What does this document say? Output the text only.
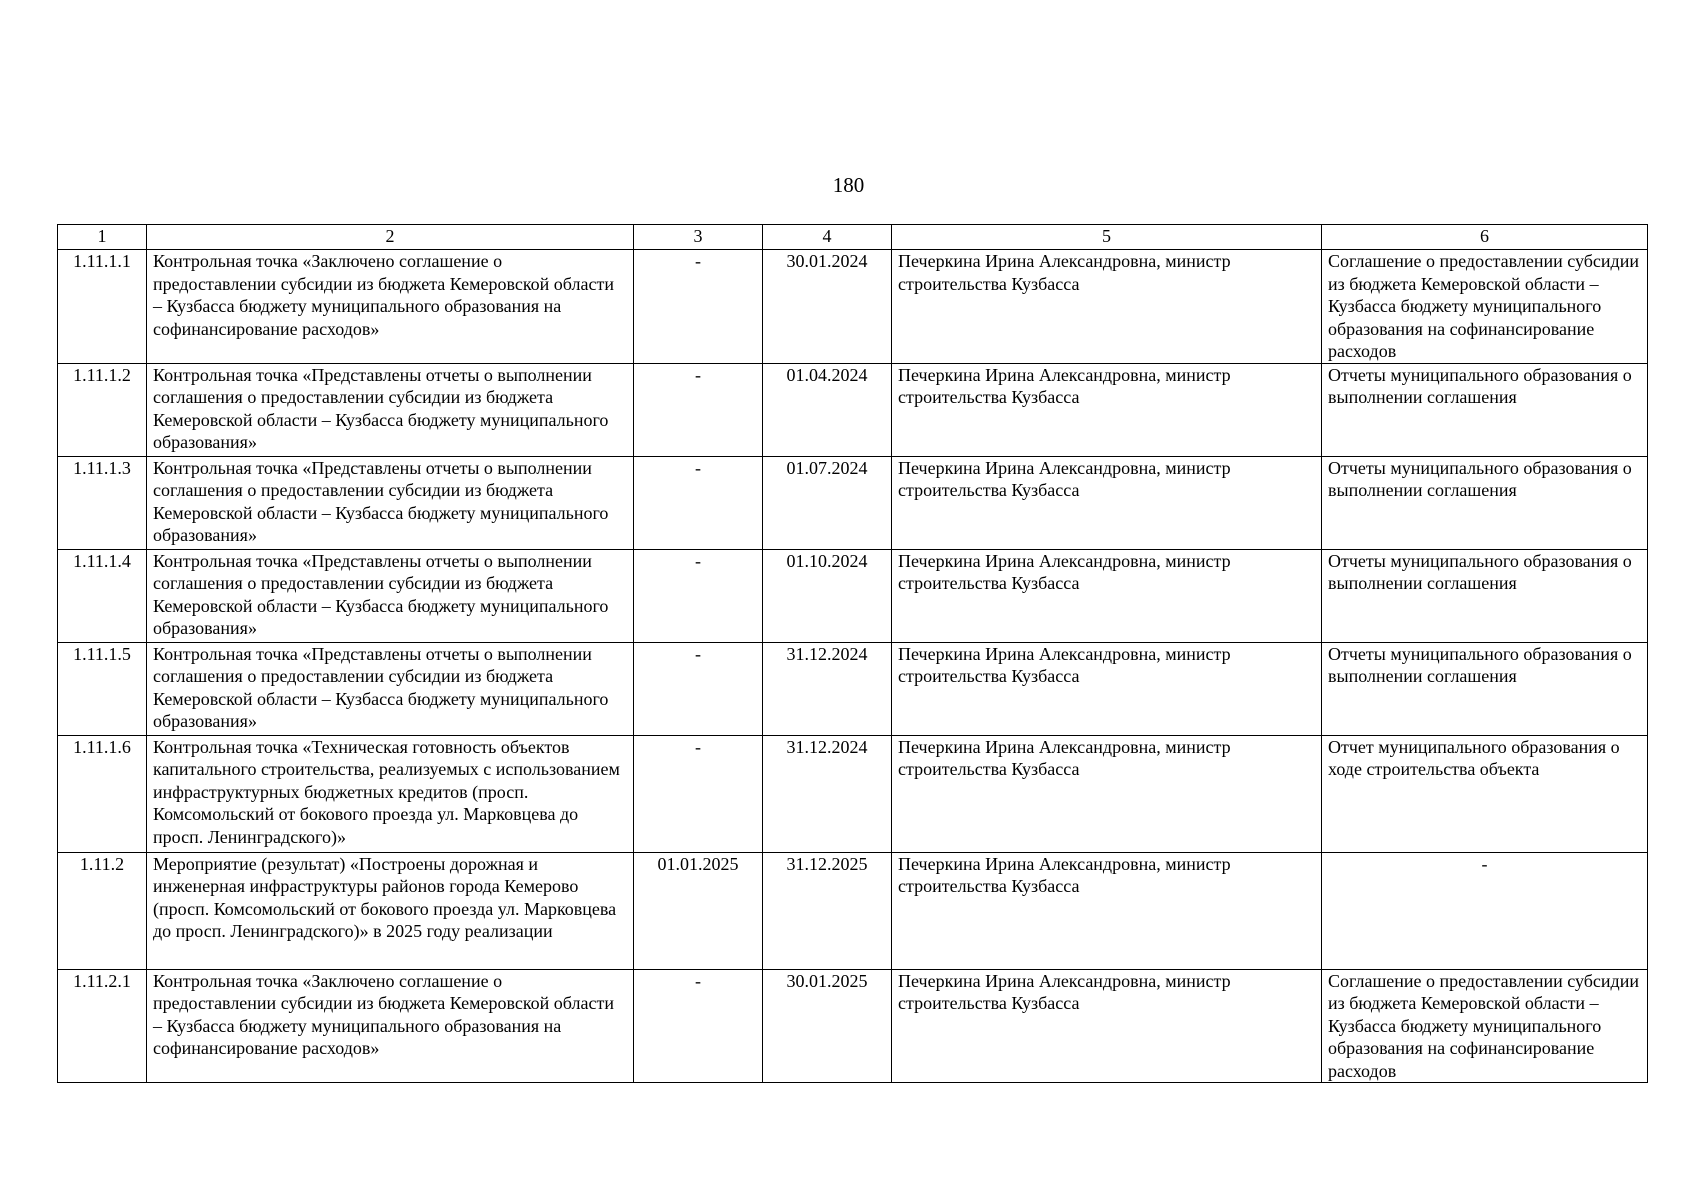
180
1	2	3	4	5	6
1.11.1.1	Контрольная точка «Заключено соглашение о предоставлении субсидии из бюджета Кемеровской области – Кузбасса бюджету муниципального образования на софинансирование расходов»	-	30.01.2024	Печеркина Ирина Александровна, министр строительства Кузбасса	Соглашение о предоставлении субсидии из бюджета Кемеровской области – Кузбасса бюджету муниципального образования на софинансирование расходов
1.11.1.2	Контрольная точка «Представлены отчеты о выполнении соглашения о предоставлении субсидии из бюджета Кемеровской области – Кузбасса бюджету муниципального образования»	-	01.04.2024	Печеркина Ирина Александровна, министр строительства Кузбасса	Отчеты муниципального образования о выполнении соглашения
1.11.1.3	Контрольная точка «Представлены отчеты о выполнении соглашения о предоставлении субсидии из бюджета Кемеровской области – Кузбасса бюджету муниципального образования»	-	01.07.2024	Печеркина Ирина Александровна, министр строительства Кузбасса	Отчеты муниципального образования о выполнении соглашения
1.11.1.4	Контрольная точка «Представлены отчеты о выполнении соглашения о предоставлении субсидии из бюджета Кемеровской области – Кузбасса бюджету муниципального образования»	-	01.10.2024	Печеркина Ирина Александровна, министр строительства Кузбасса	Отчеты муниципального образования о выполнении соглашения
1.11.1.5	Контрольная точка «Представлены отчеты о выполнении соглашения о предоставлении субсидии из бюджета Кемеровской области – Кузбасса бюджету муниципального образования»	-	31.12.2024	Печеркина Ирина Александровна, министр строительства Кузбасса	Отчеты муниципального образования о выполнении соглашения
1.11.1.6	Контрольная точка «Техническая готовность объектов капитального строительства, реализуемых с использованием инфраструктурных бюджетных кредитов (просп. Комсомольский от бокового проезда ул. Марковцева до просп. Ленинградского)»	-	31.12.2024	Печеркина Ирина Александровна, министр строительства Кузбасса	Отчет муниципального образования о ходе строительства объекта
1.11.2	Мероприятие (результат) «Построены дорожная и инженерная инфраструктуры районов города Кемерово (просп. Комсомольский от бокового проезда ул. Марковцева до просп. Ленинградского)» в 2025 году реализации	01.01.2025	31.12.2025	Печеркина Ирина Александровна, министр строительства Кузбасса	-
1.11.2.1	Контрольная точка «Заключено соглашение о предоставлении субсидии из бюджета Кемеровской области – Кузбасса бюджету муниципального образования на софинансирование расходов»	-	30.01.2025	Печеркина Ирина Александровна, министр строительства Кузбасса	Соглашение о предоставлении субсидии из бюджета Кемеровской области – Кузбасса бюджету муниципального образования на софинансирование расходов
